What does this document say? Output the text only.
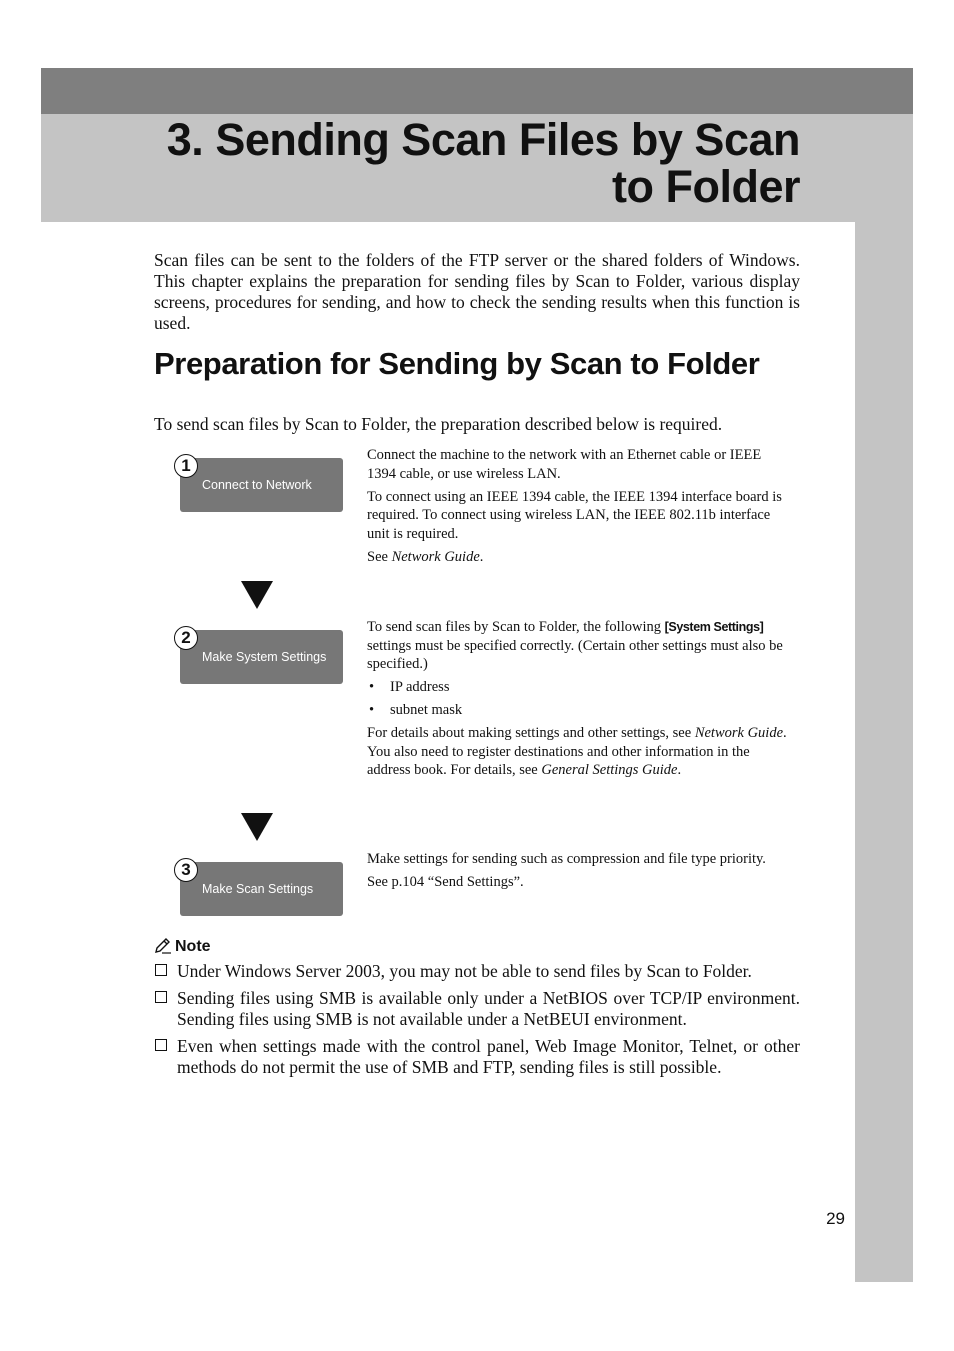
3. Sending Scan Files by Scan
to Folder

Scan files can be sent to the folders of the FTP server or the shared folders of Windows. This chapter explains the preparation for sending files by Scan to Folder, various display screens, procedures for sending, and how to check the sending results when this function is used.

Preparation for Sending by Scan to Folder

To send scan files by Scan to Folder, the preparation described below is required.

Connect to Network
1

Connect the machine to the network with an Ethernet cable or IEEE 1394 cable, or use wireless LAN.

To connect using an IEEE 1394 cable, the IEEE 1394 interface board is required. To connect using wireless LAN, the IEEE 802.11b interface unit is required.

See Network Guide.

Make System Settings
2

To send scan files by Scan to Folder, the following [System Settings] settings must be specified correctly. (Certain other settings must also be specified.)

• IP address
• subnet mask

For details about making settings and other settings, see Network Guide. You also need to register destinations and other information in the address book. For details, see General Settings Guide.

Make Scan Settings
3

Make settings for sending such as compression and file type priority.

See p.104 “Send Settings”.

Note
Under Windows Server 2003, you may not be able to send files by Scan to Folder.
Sending files using SMB is available only under a NetBIOS over TCP/IP environment. Sending files using SMB is not available under a NetBEUI environment.
Even when settings made with the control panel, Web Image Monitor, Telnet, or other methods do not permit the use of SMB and FTP, sending files is still possible.
29
